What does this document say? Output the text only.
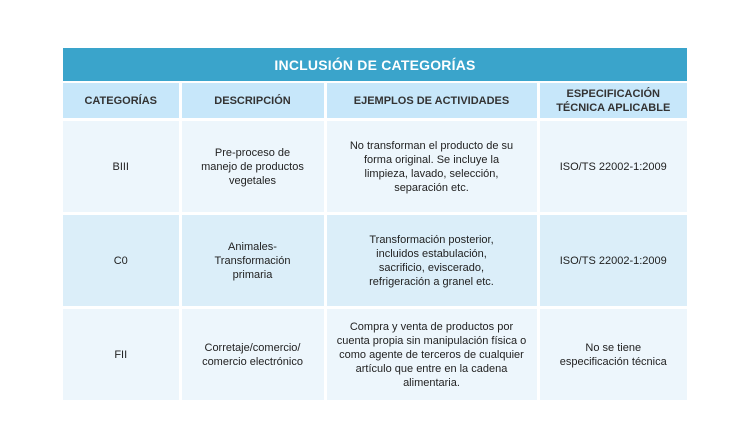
INCLUSIÓN DE CATEGORÍAS
CATEGORÍAS	DESCRIPCIÓN	EJEMPLOS DE ACTIVIDADES	ESPECIFICACIÓN TÉCNICA APLICABLE

BIII	Pre-proceso de manejo de productos vegetales	No transforman el producto de su forma original. Se incluye la limpieza, lavado, selección, separación etc.	ISO/TS 22002-1:2009

C0	Animales-Transformación primaria	Transformación posterior, incluidos estabulación, sacrificio, eviscerado, refrigeración a granel etc.	ISO/TS 22002-1:2009

FII	Corretaje/comercio/ comercio electrónico	Compra y venta de productos por cuenta propia sin manipulación física o como agente de terceros de cualquier artículo que entre en la cadena alimentaria.	No se tiene especificación técnica
